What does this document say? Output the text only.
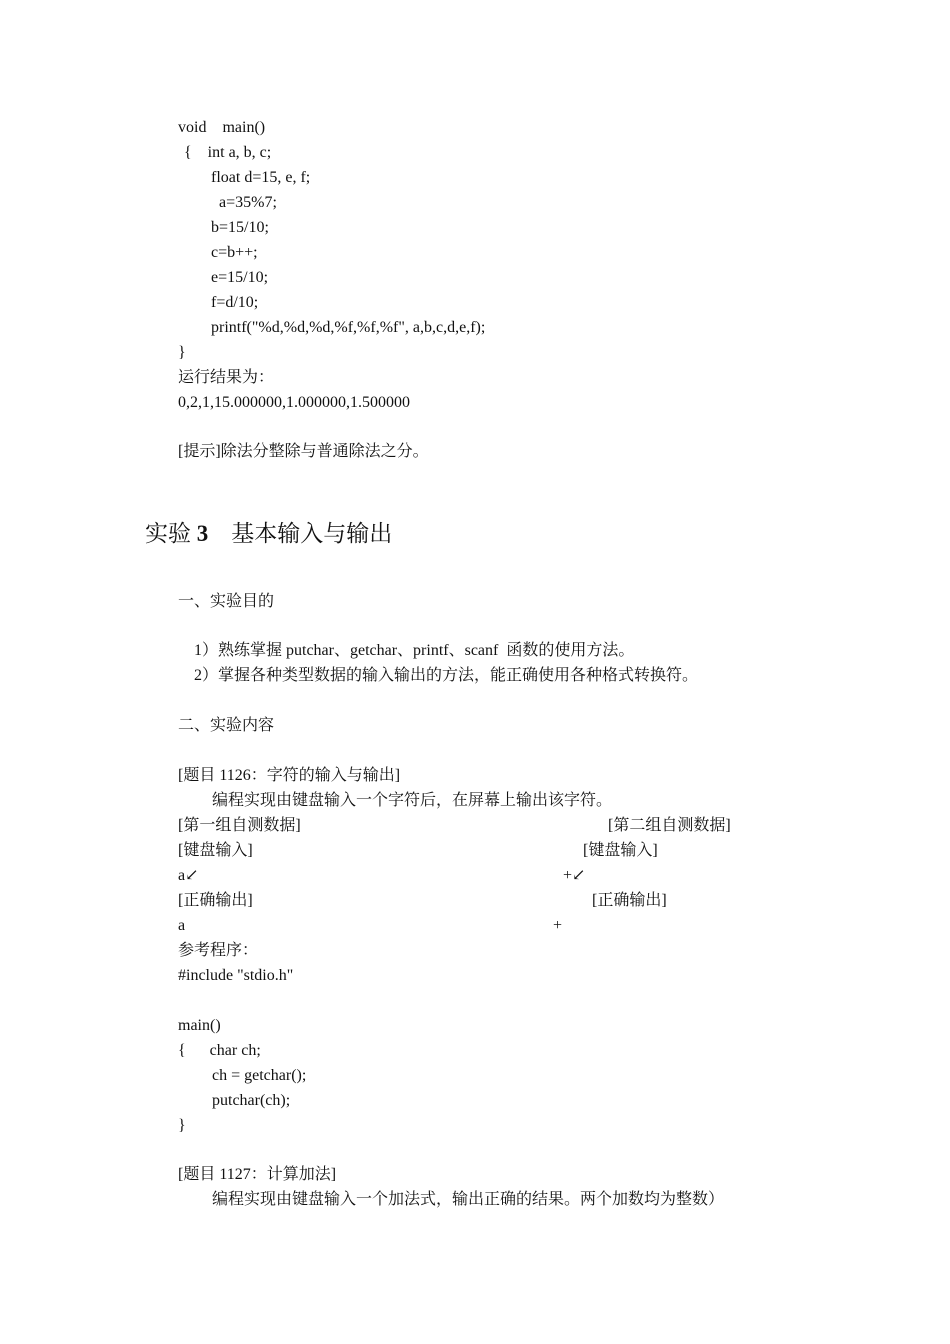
void    main()
{    int a, b, c;
float d=15, e, f;
a=35%7;
b=15/10;
c=b++;
e=15/10;
f=d/10;
printf("%d,%d,%d,%f,%f,%f", a,b,c,d,e,f);
}
运行结果为：
0,2,1,15.000000,1.000000,1.500000
[提示]除法分整除与普通除法之分。
实验 3 基本输入与输出
一、实验目的
1）熟练掌握 putchar、getchar、printf、scanf  函数的使用方法。
2）掌握各种类型数据的输入输出的方法，能正确使用各种格式转换符。
二、实验内容
[题目 1126：字符的输入与输出]
编程实现由键盘输入一个字符后，在屏幕上输出该字符。
[第一组自测数据]	[第二组自测数据]
[键盘输入]	[键盘输入]
a↙	+↙
[正确输出]	[正确输出]
a	+
参考程序：
#include "stdio.h"
main()
{      char ch;
ch = getchar();
putchar(ch);
}
[题目 1127：计算加法]
编程实现由键盘输入一个加法式，输出正确的结果。两个加数均为整数）
